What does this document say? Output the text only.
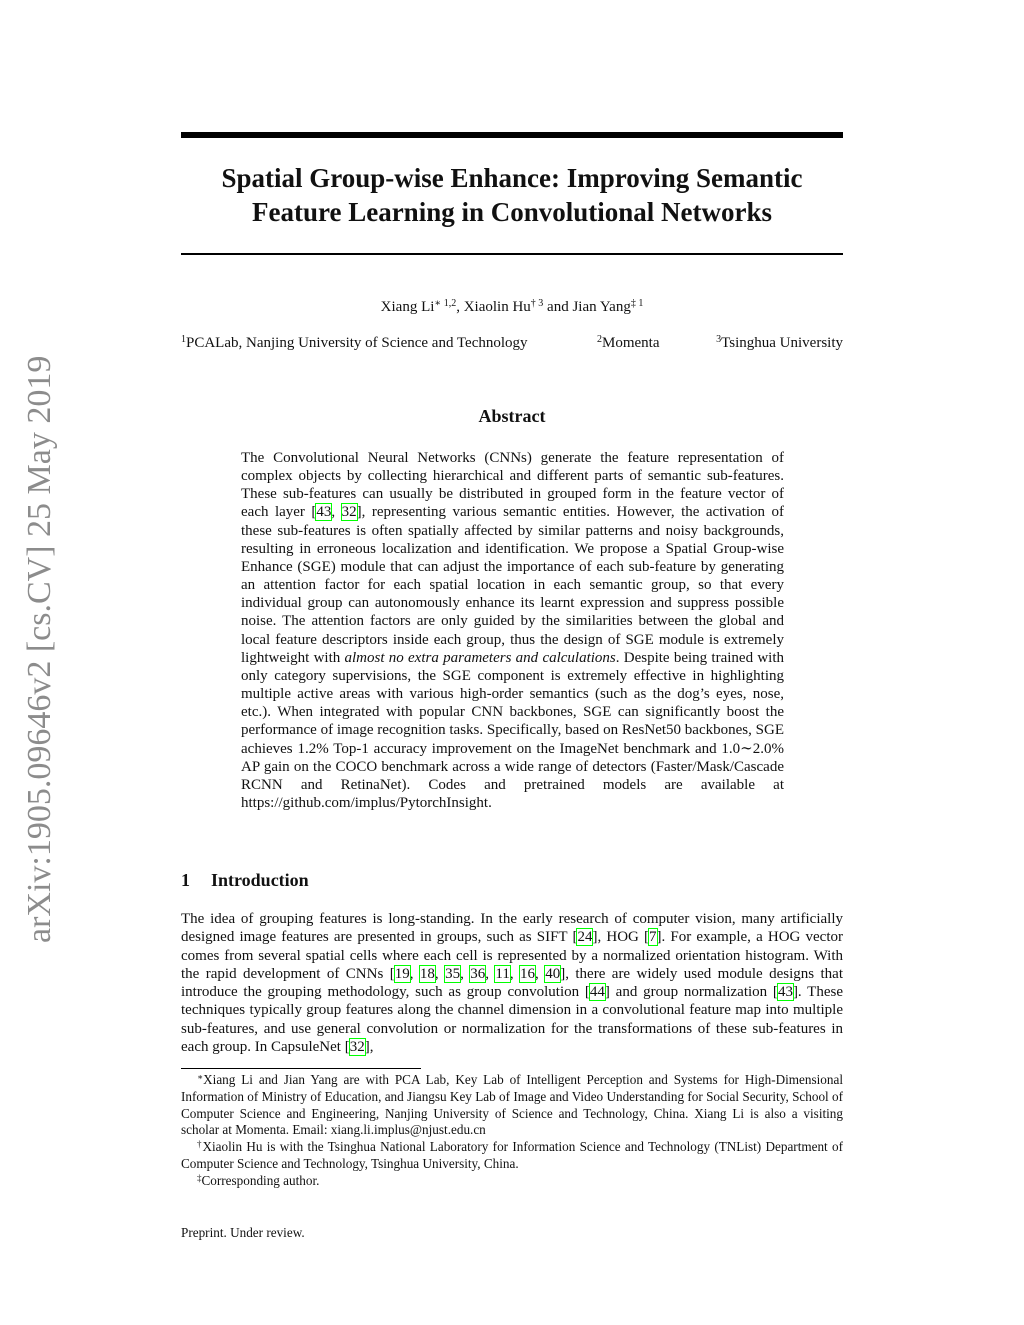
arXiv:1905.09646v2 [cs.CV] 25 May 2019
Spatial Group-wise Enhance: Improving Semantic
Feature Learning in Convolutional Networks
Xiang $Li^{∗ 1,2}$, Xiaolin Hu$^{\dagger 3}$ and Jian Yang$^{\ddagger 1}$
$^1$PCALab, Nanjing University of Science and Technology	$^2$Momenta	$^3$Tsinghua University
Abstract

The Convolutional Neural Networks (CNNs) generate the feature representation of complex objects by collecting hierarchical and different parts of semantic sub-features. These sub-features can usually be distributed in grouped form in the feature vector of each layer [43, 32], representing various semantic entities. However, the activation of these sub-features is often spatially affected by similar patterns and noisy backgrounds, resulting in erroneous localization and identification. We propose a Spatial Group-wise Enhance (SGE) module that can adjust the importance of each sub-feature by generating an attention factor for each spatial location in each semantic group, so that every individual group can autonomously enhance its learnt expression and suppress possible noise. The attention factors are only guided by the similarities between the global and local feature descriptors inside each group, thus the design of SGE module is extremely lightweight with almost no extra parameters and calculations. Despite being trained with only category supervisions, the SGE component is extremely effective in highlighting multiple active areas with various high-order semantics (such as the dog’s eyes, nose, etc.). When integrated with popular CNN backbones, SGE can significantly boost the performance of image recognition tasks. Specifically, based on ResNet50 backbones, SGE achieves 1.2% Top-1 accuracy improvement on the ImageNet benchmark and 1.0∼2.0% AP gain on the COCO benchmark across a wide range of detectors (Faster/Mask/Cascade RCNN and RetinaNet). Codes and pretrained models are available at https://github.com/implus/PytorchInsight.

1 Introduction

The idea of grouping features is long-standing. In the early research of computer vision, many artificially designed image features are presented in groups, such as SIFT [24], HOG [7]. For example, a HOG vector comes from several spatial cells where each cell is represented by a normalized orientation histogram. With the rapid development of CNNs [19, 18, 35, 36, 11, 16, 40], there are widely used module designs that introduce the grouping methodology, such as group convolution [44] and group normalization [43]. These techniques typically group features along the channel dimension in a convolutional feature map into multiple sub-features, and use general convolution or normalization for the transformations of these sub-features in each group. In CapsuleNet [32],

∗Xiang Li and Jian Yang are with PCA Lab, Key Lab of Intelligent Perception and Systems for High-Dimensional Information of Ministry of Education, and Jiangsu Key Lab of Image and Video Understanding for Social Security, School of Computer Science and Engineering, Nanjing University of Science and Technology, China. Xiang Li is also a visiting scholar at Momenta. Email: xiang.li.implus@njust.edu.cn

†Xiaolin Hu is with the Tsinghua National Laboratory for Information Science and Technology (TNList) Department of Computer Science and Technology, Tsinghua University, China.

‡Corresponding author.

Preprint. Under review.
